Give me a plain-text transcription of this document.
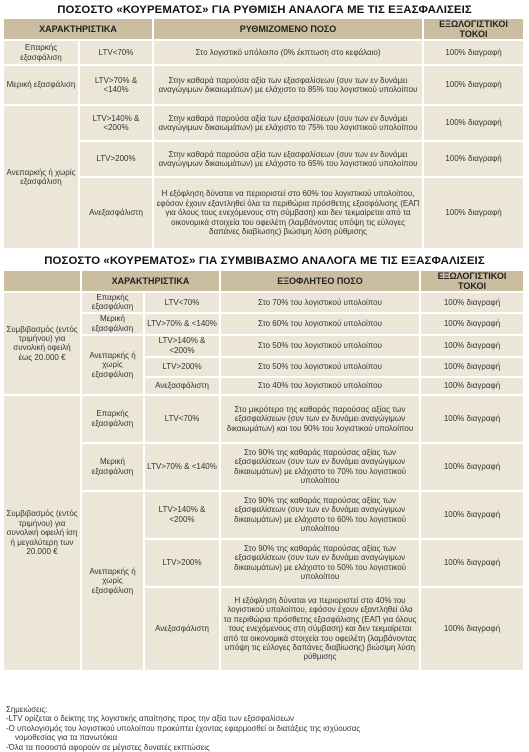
ΠΟΣΟΣΤΟ «ΚΟΥΡΕΜΑΤΟΣ» ΓΙΑ ΡΥΘΜΙΣΗ ΑΝΑΛΟΓΑ ΜΕ ΤΙΣ ΕΞΑΣΦΑΛΙΣΕΙΣ
ΧΑΡΑΚΤΗΡΙΣΤΙΚΑ		ΡΥΘΜΙΖΟΜΕΝΟ ΠΟΣΟ	ΕΞΩΛΟΓΙΣΤΙΚΟΙ ΤΟΚΟΙ
Επαρκής εξασφάλιση	LTV<70%	Στο λογιστικό υπόλοιπο (0% έκπτωση στο κεφάλαιο)	100% διαγραφή
Μερική εξασφάλιση	LTV>70% & <140%	Στην καθαρά παρούσα αξία των εξασφαλίσεων (συν των εν δυνάμει αναγώγιμων δικαιωμάτων) με ελάχιστο το 85% του λογιστικού υπολοίπου	100% διαγραφή
Ανεπαρκής ή χωρίς εξασφάλιση	LTV>140% & <200%	Στην καθαρά παρούσα αξία των εξασφαλίσεων (συν των εν δυνάμει αναγώγιμων δικαιωμάτων) με ελάχιστο το 75% του λογιστικού υπολοίπου	100% διαγραφή
	LTV>200%	Στην καθαρά παρούσα αξία των εξασφαλίσεων (συν των εν δυνάμει αναγώγιμων δικαιωμάτων) με ελάχιστο το 65% του λογιστικού υπολοίπου	100% διαγραφή
	Ανεξασφάλιστη	Η εξόφληση δύναται να περιοριστεί στο 60% του λογιστικού υπολοίπου, εφόσον έχουν εξαντληθεί όλα τα περιθώρια πρόσθετης εξασφάλισης (ΕΑΠ για όλους τους ενεχόμενους στη σύμβαση) και δεν τεκμαίρεται από τα οικονομικά στοιχεία του οφειλέτη (λαμβάνοντας υπόψη τις εύλογες δαπάνες διαβίωσης) βιώσιμη λύση ρύθμισης	100% διαγραφή
ΠΟΣΟΣΤΟ «ΚΟΥΡΕΜΑΤΟΣ» ΓΙΑ ΣΥΜΒΙΒΑΣΜΟ ΑΝΑΛΟΓΑ ΜΕ ΤΙΣ ΕΞΑΣΦΑΛΙΣΕΙΣ
	ΧΑΡΑΚΤΗΡΙΣΤΙΚΑ		ΕΞΟΦΛΗΤΕΟ ΠΟΣΟ	ΕΞΩΛΟΓΙΣΤΙΚΟΙ ΤΟΚΟΙ
Συμβιβασμός (εντός τριμήνου) για συνολική οφειλή έως 20.000 €	Επαρκής εξασφάλιση	LTV<70%	Στο 70% του λογιστικού υπολοίπου	100% διαγραφή
	Μερική εξασφάλιση	LTV>70% & <140%	Στο 60% του λογιστικού υπολοίπου	100% διαγραφή
	Ανεπαρκής ή χωρίς εξασφάλιση	LTV>140% & <200%	Στο 50% του λογιστικού υπολοίπου	100% διαγραφή
		LTV>200%	Στο 50% του λογιστικού υπολοίπου	100% διαγραφή
		Ανεξασφάλιστη	Στο 40% του λογιστικού υπολοίπου	100% διαγραφή
Συμβιβασμός (εντός τριμήνου) για συνολική οφειλή ίση ή μεγαλύτερη των 20.000 €	Επαρκής εξασφάλιση	LTV<70%	Στο μικρότερο της καθαράς παρούσας αξίας των εξασφαλίσεων (συν των εν δυνάμει αναγώγιμων δικαιωμάτων) και του 90% του λογιστικού υπολοίπου	100% διαγραφή
	Μερική εξασφάλιση	LTV>70% & <140%	Στο 90% της καθαράς παρούσας αξίας των εξασφαλίσεων (συν των εν δυνάμει αναγώγιμων δικαιωμάτων) με ελάχιστο το 70% του λογιστικού υπολοίπου	100% διαγραφή
	Ανεπαρκής ή χωρίς εξασφάλιση	LTV>140% & <200%	Στο 90% της καθαράς παρούσας αξίας των εξασφαλίσεων (συν των εν δυνάμει αναγώγιμων δικαιωμάτων) με ελάχιστο το 60% του λογιστικού υπολοίπου	100% διαγραφή
		LTV>200%	Στο 90% της καθαράς παρούσας αξίας των εξασφαλίσεων (συν των εν δυνάμει αναγώγιμων δικαιωμάτων) με ελάχιστο το 50% του λογιστικού υπολοίπου	100% διαγραφή
		Ανεξασφάλιστη	Η εξόφληση δύναται να περιοριστεί στο 40% του λογιστικού υπολοίπου, εφόσον έχουν εξαντληθεί όλα τα περιθώρια πρόσθετης εξασφάλισης (ΕΑΠ για όλους τους ενεχόμενους στη σύμβαση) και δεν τεκμαίρεται από τα οικονομικά στοιχεία του οφειλέτη (λαμβάνοντας υπόψη τις εύλογες δαπάνες διαβίωσης) βιώσιμη λύση ρύθμισης	100% διαγραφή
Σημειώσεις:
-LTV ορίζεται ο δείκτης της λογιστικής απαίτησης προς την αξία των εξασφαλίσεων
-Ο υπολογισμός του λογιστικού υπολοίπου προκύπτει έχοντας εφαρμοσθεί οι διατάξεις της ισχύουσας
νομοθεσίας για τα πανωτόκια
-Όλα τα ποσοστά αφορούν σε μέγιστες δυνατές εκπτώσεις
